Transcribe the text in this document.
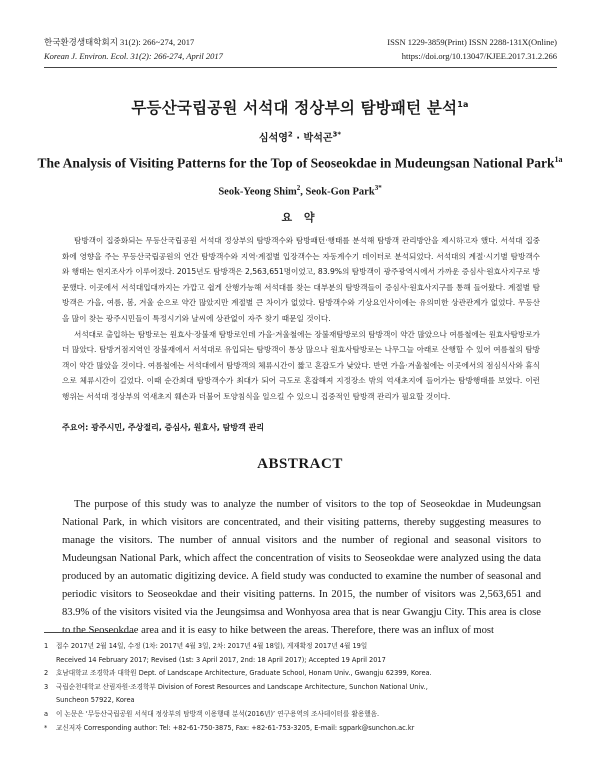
한국환경생태학회지 31(2): 266~274, 2017
Korean J. Environ. Ecol. 31(2): 266-274, April 2017
ISSN 1229-3859(Print) ISSN 2288-131X(Online)
https://doi.org/10.13047/KJEE.2017.31.2.266
무등산국립공원 서석대 정상부의 탐방패턴 분석$^{1a}$
심석영$^2$ · 박석곤$^{3*}$
The Analysis of Visiting Patterns for the Top of Seoseokdae in Mudeungsan National Park$^{1a}$
Seok-Yeong Shim$^2$, Seok-Gon Park$^{3*}$
요 약

탐방객이 집중화되는 무등산국립공원 서석대 정상부의 탐방객수와 탐방패턴·행태를 분석해 탐방객 관리방안을 제시하고자 했다. 서석대 집중화에 영향을 주는 무등산국립공원의 연간 탐방객수와 지역·계절별 입장객수는 자동계수기 데이터로 분석되었다. 서석대의 계절·시기별 탐방객수와 행태는 현지조사가 이루어졌다. 2015년도 탐방객은 2,563,651명이었고, 83.9%의 탐방객이 광주광역시에서 가까운 증심사·원효사지구로 방문했다. 이곳에서 서석대입대까지는 가깝고 쉽게 산행가능해 서석대를 찾는 대부분의 탐방객들이 증심사·원효사지구를 통해 들어왔다. 계절별 탐방객은 가을, 여름, 봄, 겨울 순으로 약간 많았지만 계절별 큰 차이가 없었다. 탐방객수와 기상요인사이에는 유의미한 상관관계가 없었다. 무등산을 많이 찾는 광주시민들이 특정시기와 날씨에 상관없이 자주 찾기 때문일 것이다.

서석대로 출입하는 탐방로는 원효사·장불재 탐방로인데 가을·겨울철에는 장불재탐방로의 탐방객이 약간 많았으나 여름철에는 원효사탐방로가 더 많았다. 탐방거점지역인 장불재에서 서석대로 유입되는 탐방객이 통상 많으나 원효사탐방로는 나무그늘 아래로 산행할 수 있어 여름철의 탐방객이 약간 많았을 것이다. 여름철에는 서석대에서 탐방객의 체류시간이 짧고 혼잡도가 낮았다. 반면 가을·겨울철에는 이곳에서의 점심식사와 휴식으로 체류시간이 길었다. 이때 순간최대 탐방객수가 최대가 되어 극도로 혼잡해져 지정장소 밖의 억새초지에 들어가는 탐방행태를 보였다. 이런 행위는 서석대 정상부의 억새초지 훼손과 더불어 토양침식을 일으킬 수 있으니 집중적인 탐방객 관리가 필요할 것이다.

주요어: 광주시민, 주상절리, 증심사, 원효사, 탐방객 관리
ABSTRACT

The purpose of this study was to analyze the number of visitors to the top of Seoseokdae in Mudeungsan National Park, in which visitors are concentrated, and their visiting patterns, thereby suggesting measures to manage the visitors. The number of annual visitors and the number of regional and seasonal visitors to Mudeungsan National Park, which affect the concentration of visits to Seoseokdae were analyzed using the data produced by an automatic digitizing device. A field study was conducted to examine the number of seasonal and periodic visitors to Seoseokdae and their visiting patterns. In 2015, the number of visitors was 2,563,651 and 83.9% of the visitors visited via the Jeungsimsa and Wonhyosa area that is near Gwangju City. This area is close to the Seoseokdae area and it is easy to hike between the areas. Therefore, there was an influx of most

1	접수 2017년 2월 14일, 수정 (1차: 2017년 4월 3일, 2차: 2017년 4월 18일), 게재확정 2017년 4월 19일
Received 14 February 2017; Revised (1st: 3 April 2017, 2nd: 18 April 2017); Accepted 19 April 2017
2	호남대학교 조경학과 대학원 Dept. of Landscape Architecture, Graduate School, Honam Univ., Gwangju 62399, Korea.
3	국립순천대학교 산림자원·조경학부 Division of Forest Resources and Landscape Architecture, Sunchon National Univ.,
Suncheon 57922, Korea
a	이 논문은 ‘무등산국립공원 서석대 정상부의 탐방객 이용행태 분석(2016년)’ 연구용역의 조사데이터를 활용했음.
*	교신저자 Corresponding author: Tel: +82-61-750-3875, Fax: +82-61-753-3205, E-mail: sgpark@sunchon.ac.kr
